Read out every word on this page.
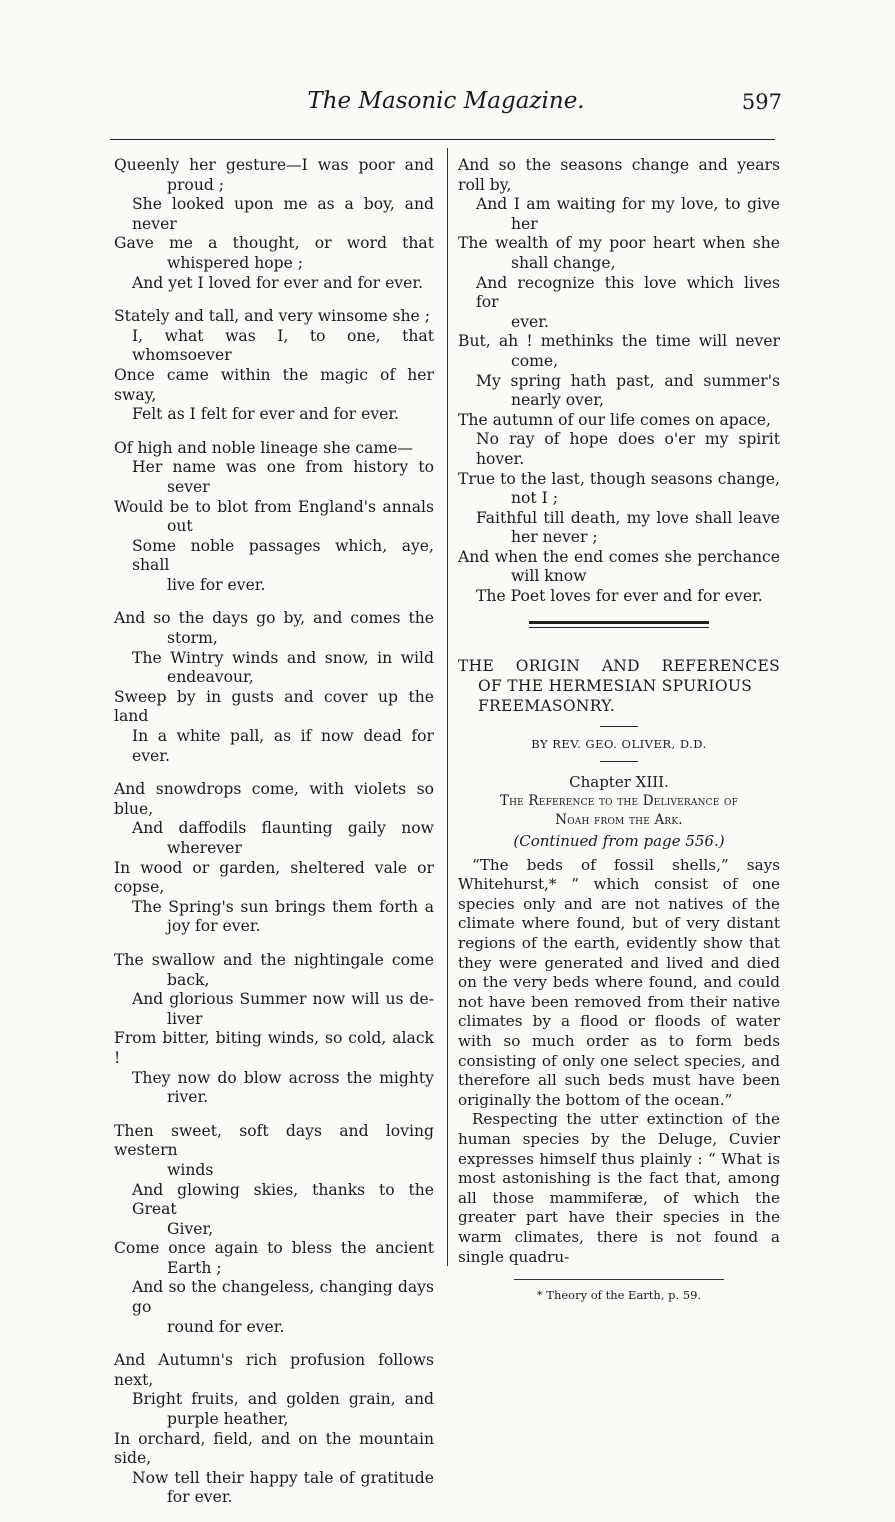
The Masonic Magazine.	597
Queenly her gesture—I was poor and
proud ;
She looked upon me as a boy, and never
Gave me a thought, or word that
whispered hope ;
And yet I loved for ever and for ever.
Stately and tall, and very winsome she ;
I, what was I, to one, that whomsoever
Once came within the magic of her sway,
Felt as I felt for ever and for ever.
Of high and noble lineage she came—
Her name was one from history to
sever
Would be to blot from England's annals
out
Some noble passages which, aye, shall
live for ever.
And so the days go by, and comes the
storm,
The Wintry winds and snow, in wild
endeavour,
Sweep by in gusts and cover up the land
In a white pall, as if now dead for ever.
And snowdrops come, with violets so blue,
And daffodils flaunting gaily now
wherever
In wood or garden, sheltered vale or copse,
The Spring's sun brings them forth a
joy for ever.
The swallow and the nightingale come
back,
And glorious Summer now will us de-
liver
From bitter, biting winds, so cold, alack !
They now do blow across the mighty
river.
Then sweet, soft days and loving western
winds
And glowing skies, thanks to the Great
Giver,
Come once again to bless the ancient
Earth ;
And so the changeless, changing days go
round for ever.
And Autumn's rich profusion follows next,
Bright fruits, and golden grain, and
purple heather,
In orchard, field, and on the mountain side,
Now tell their happy tale of gratitude
for ever.
And so the seasons change and years roll by,
And I am waiting for my love, to give
her
The wealth of my poor heart when she
shall change,
And recognize this love which lives for
ever.
But, ah ! methinks the time will never
come,
My spring hath past, and summer's
nearly over,
The autumn of our life comes on apace,
No ray of hope does o'er my spirit hover.
True to the last, though seasons change,
not I ;
Faithful till death, my love shall leave
her never ;
And when the end comes she perchance
will know
The Poet loves for ever and for ever.
THE ORIGIN AND REFERENCES
OF THE HERMESIAN SPURIOUS
FREEMASONRY.
BY REV. GEO. OLIVER, D.D.
Chapter XIII.
The Reference to the Deliverance of
Noah from the Ark.
(Continued from page 556.)

“The beds of fossil shells,” says Whitehurst,* “ which consist of one species only and are not natives of the climate where found, but of very distant regions of the earth, evidently show that they were generated and lived and died on the very beds where found, and could not have been removed from their native climates by a flood or floods of water with so much order as to form beds consisting of only one select species, and therefore all such beds must have been originally the bottom of the ocean.”

Respecting the utter extinction of the human species by the Deluge, Cuvier expresses himself thus plainly : “ What is most astonishing is the fact that, among all those mammiferæ, of which the greater part have their species in the warm climates, there is not found a single quadru-

* Theory of the Earth, p. 59.
